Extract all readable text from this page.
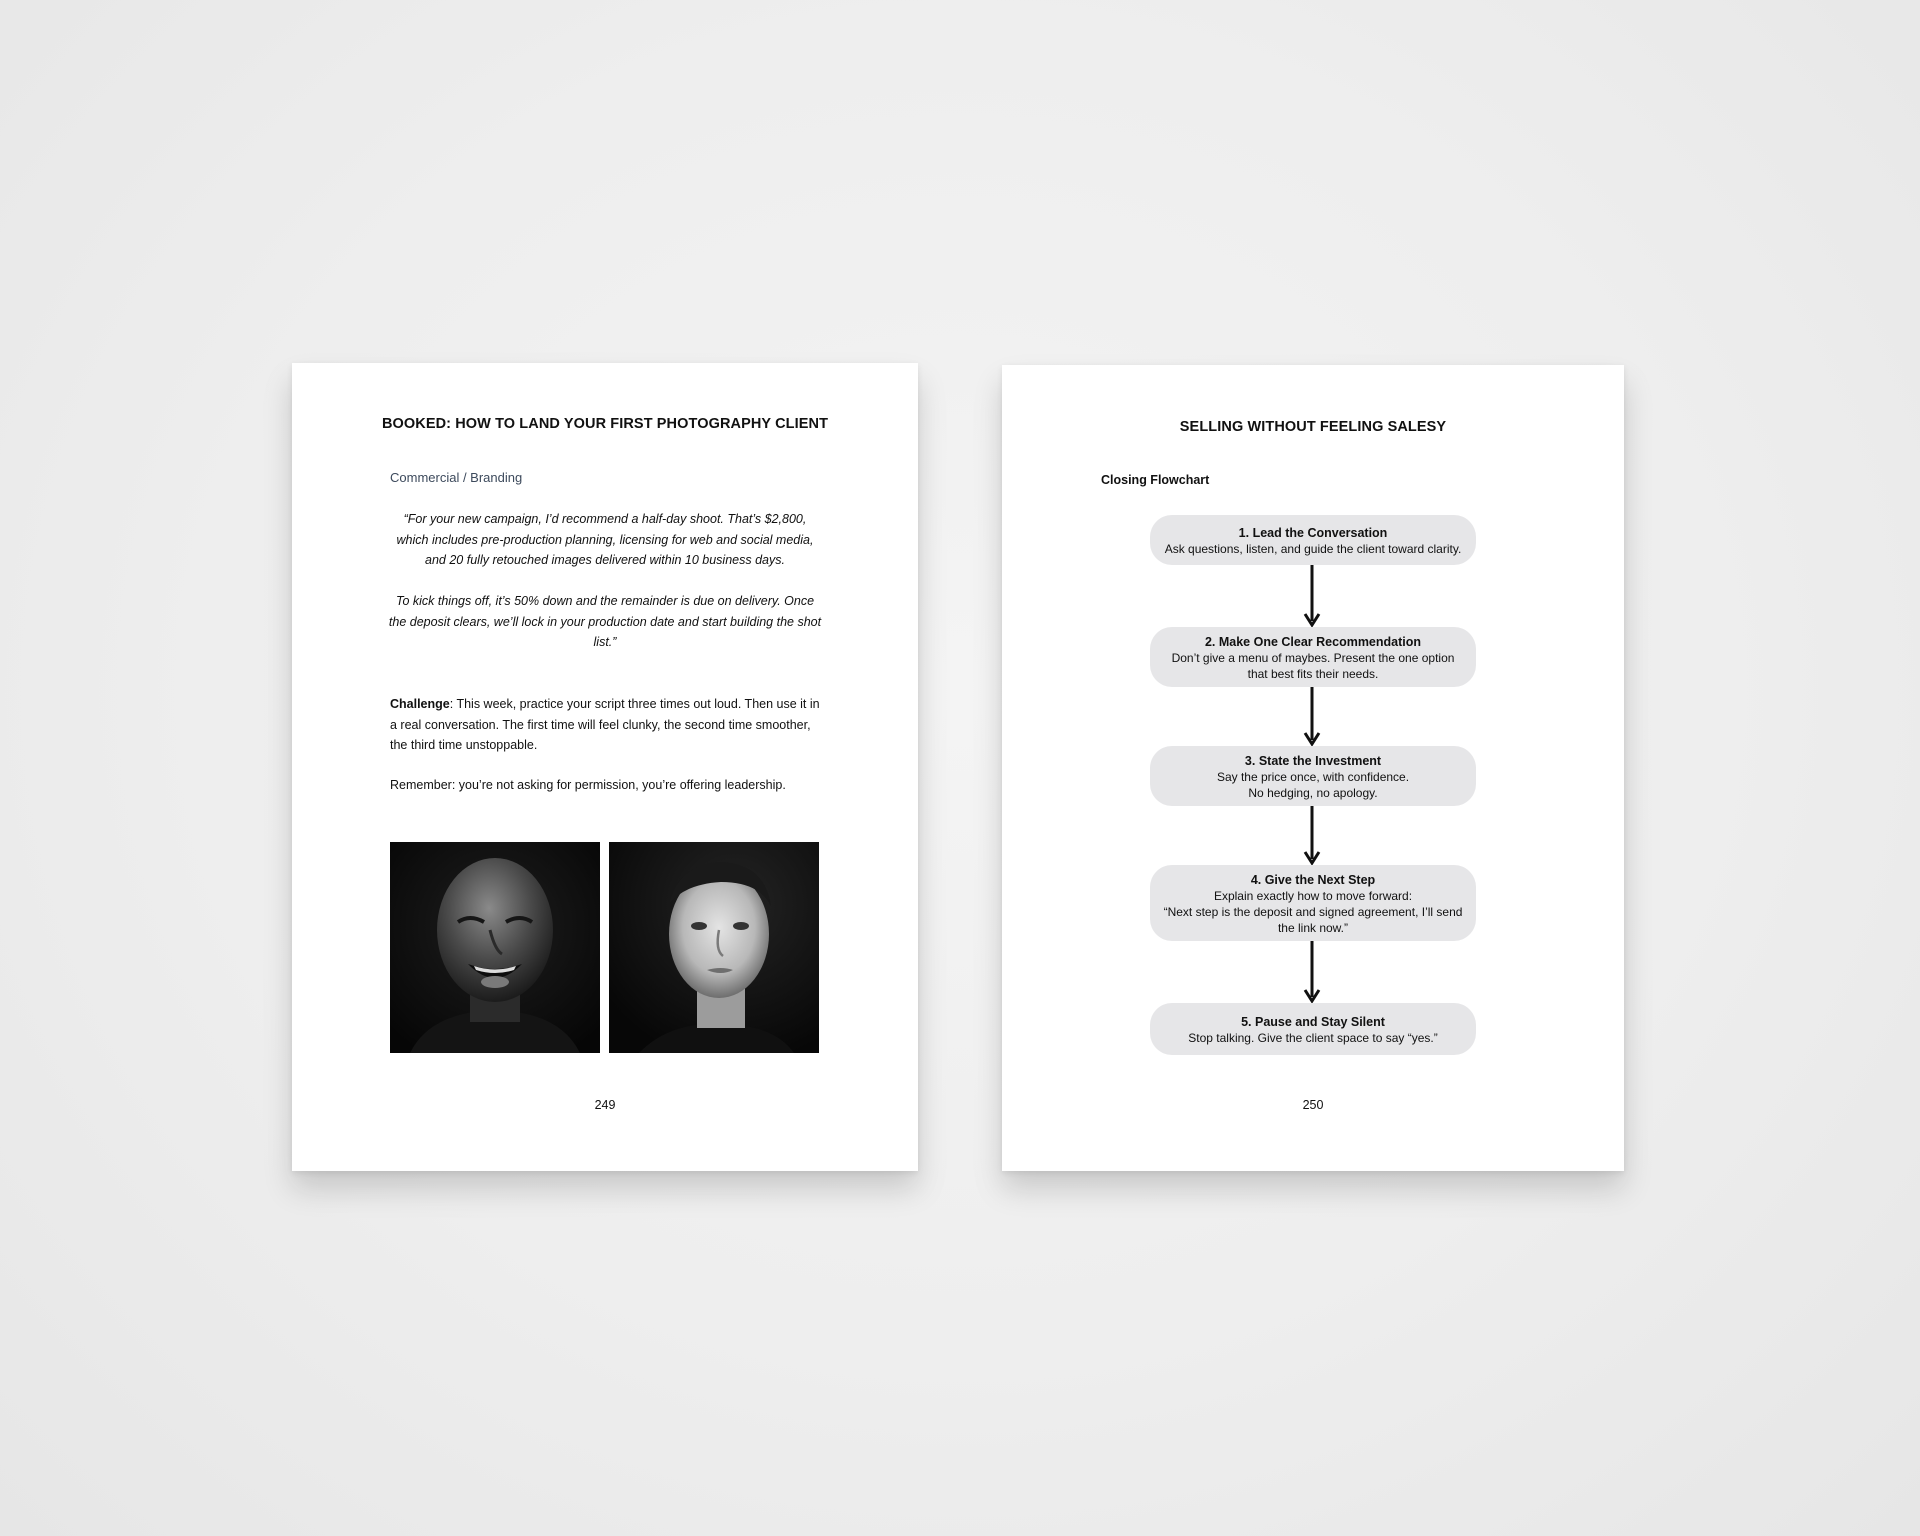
BOOKED: HOW TO LAND YOUR FIRST PHOTOGRAPHY CLIENT
Commercial / Branding

“For your new campaign, I’d recommend a half-day shoot. That’s $2,800, which includes pre-production planning, licensing for web and social media, and 20 fully retouched images delivered within 10 business days.

To kick things off, it’s 50% down and the remainder is due on delivery. Once the deposit clears, we’ll lock in your production date and start building the shot list.”

Challenge: This week, practice your script three times out loud. Then use it in a real conversation. The first time will feel clunky, the second time smoother, the third time unstoppable.

Remember: you’re not asking for permission, you’re offering leadership.

249
SELLING WITHOUT FEELING SALESY
Closing Flowchart
1. Lead the Conversation
Ask questions, listen, and guide the client toward clarity.
2. Make One Clear Recommendation
Don’t give a menu of maybes. Present the one option
that best fits their needs.
3. State the Investment
Say the price once, with confidence.
No hedging, no apology.
4. Give the Next Step
Explain exactly how to move forward:
“Next step is the deposit and signed agreement, I’ll send
the link now.”
5. Pause and Stay Silent
Stop talking. Give the client space to say “yes.”
250
